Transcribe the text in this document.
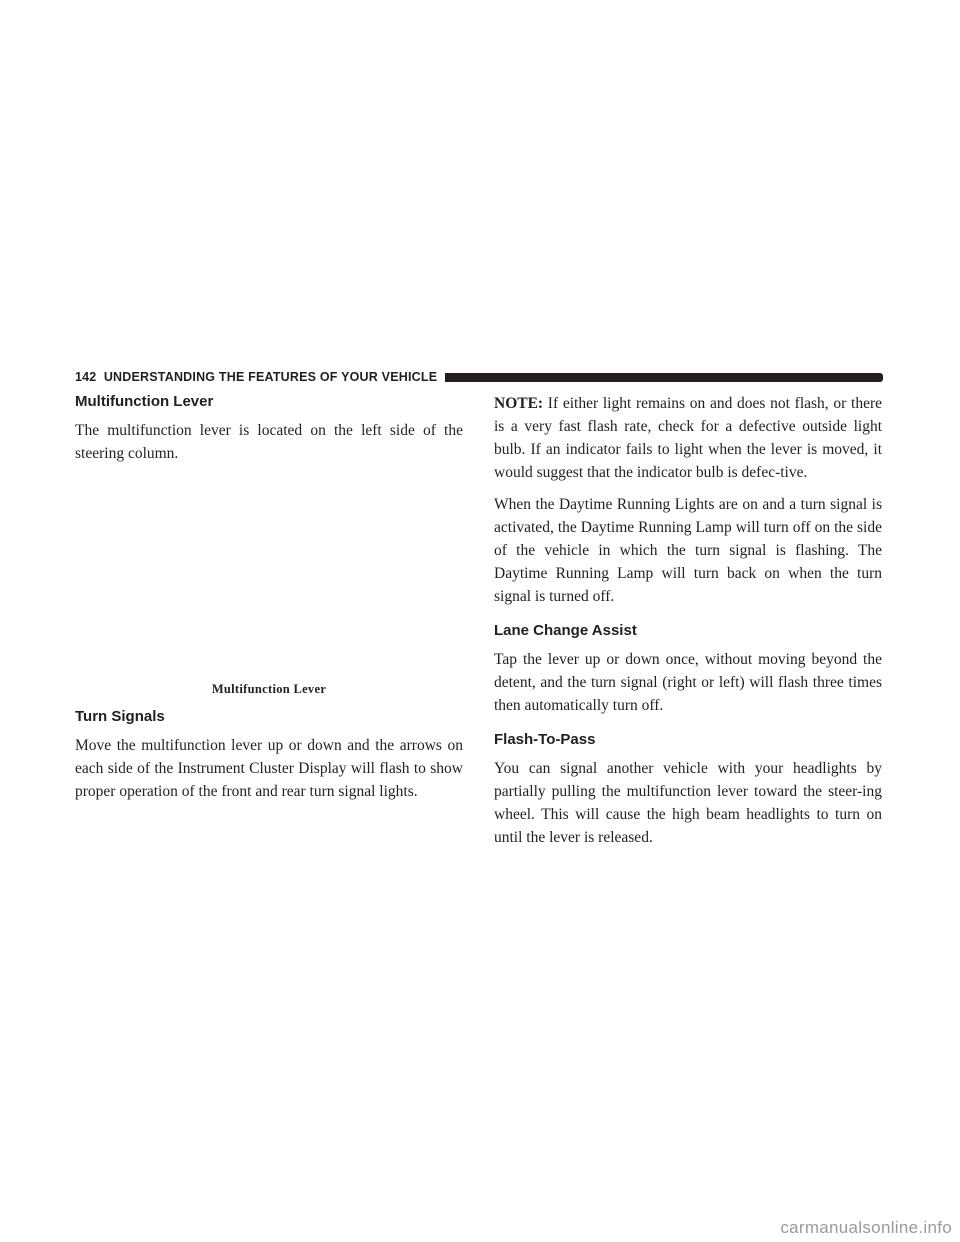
142 UNDERSTANDING THE FEATURES OF YOUR VEHICLE
Multifunction Lever

The multifunction lever is located on the left side of the steering column.

Multifunction Lever

Turn Signals

Move the multifunction lever up or down and the arrows on each side of the Instrument Cluster Display will flash to show proper operation of the front and rear turn signal lights.

NOTE: If either light remains on and does not flash, or there is a very fast flash rate, check for a defective outside light bulb. If an indicator fails to light when the lever is moved, it would suggest that the indicator bulb is defec-tive.

When the Daytime Running Lights are on and a turn signal is activated, the Daytime Running Lamp will turn off on the side of the vehicle in which the turn signal is flashing. The Daytime Running Lamp will turn back on when the turn signal is turned off.

Lane Change Assist

Tap the lever up or down once, without moving beyond the detent, and the turn signal (right or left) will flash three times then automatically turn off.

Flash-To-Pass

You can signal another vehicle with your headlights by partially pulling the multifunction lever toward the steer-ing wheel. This will cause the high beam headlights to turn on until the lever is released.

carmanualsonline.info
